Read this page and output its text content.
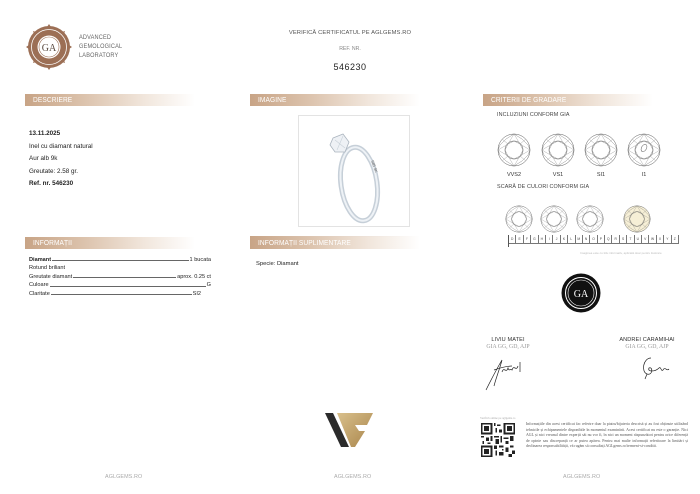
GA
ADVANCED
GEMOLOGICAL
LABORATORY
VERIFICĂ CERTIFICATUL PE AGLGEMS.RO
REF. NR.
546230
DESCRIERE	IMAGINE	CRITERII DE GRADARE
INFORMAȚII	INFORMAȚII SUPLIMENTARE
13.11.2025
Inel cu diamant natural
Aur alb 9k
Greutate: 2.58 gr.
Ref. nr. 546230
585 9K
Diamant	1 bucata
Rotund briliant
Greutate diamant	aprox. 0.25 ct
Culoare	G
Claritate	SI2
Specie: Diamant
INCLUZIUNI CONFORM GIA
VVS2	VS1	SI1	I1
SCARĂ DE CULORI CONFORM GIA
D	E	F	G	H	I	J	K	L	M	N	O	P	Q	R	S	T	U	V	W	X	Y	Z
Imaginea este cu titlu informativ, aplicată doar pentru ilustrare
GA
LIVIU MATEI
GIA GG, GD, AJP
ANDREI CARAMIHAI
GIA GG, GD, AJP
Verifică online pe aglgems.ro
Informațiile din acest certificat fac referire doar la piatra/bijuteria descrisă și au fost obținute utilizând tehnicile și echipamentele disponibile în momentul examinării. Acest certificat nu este o garanție. Nici AGL și nici vreunul dintre experții săi nu vor fi, în nici un moment răspunzători pentru orice diferență de opinie sau discrepanță ce ar putea apărea. Pentru mai multe informații referitoare la limitări și declinarea responsabilității, vă rugăm să consultați AGLgems.ro/termeni-si-conditii.
AGLGEMS.RO	AGLGEMS.RO	AGLGEMS.RO
